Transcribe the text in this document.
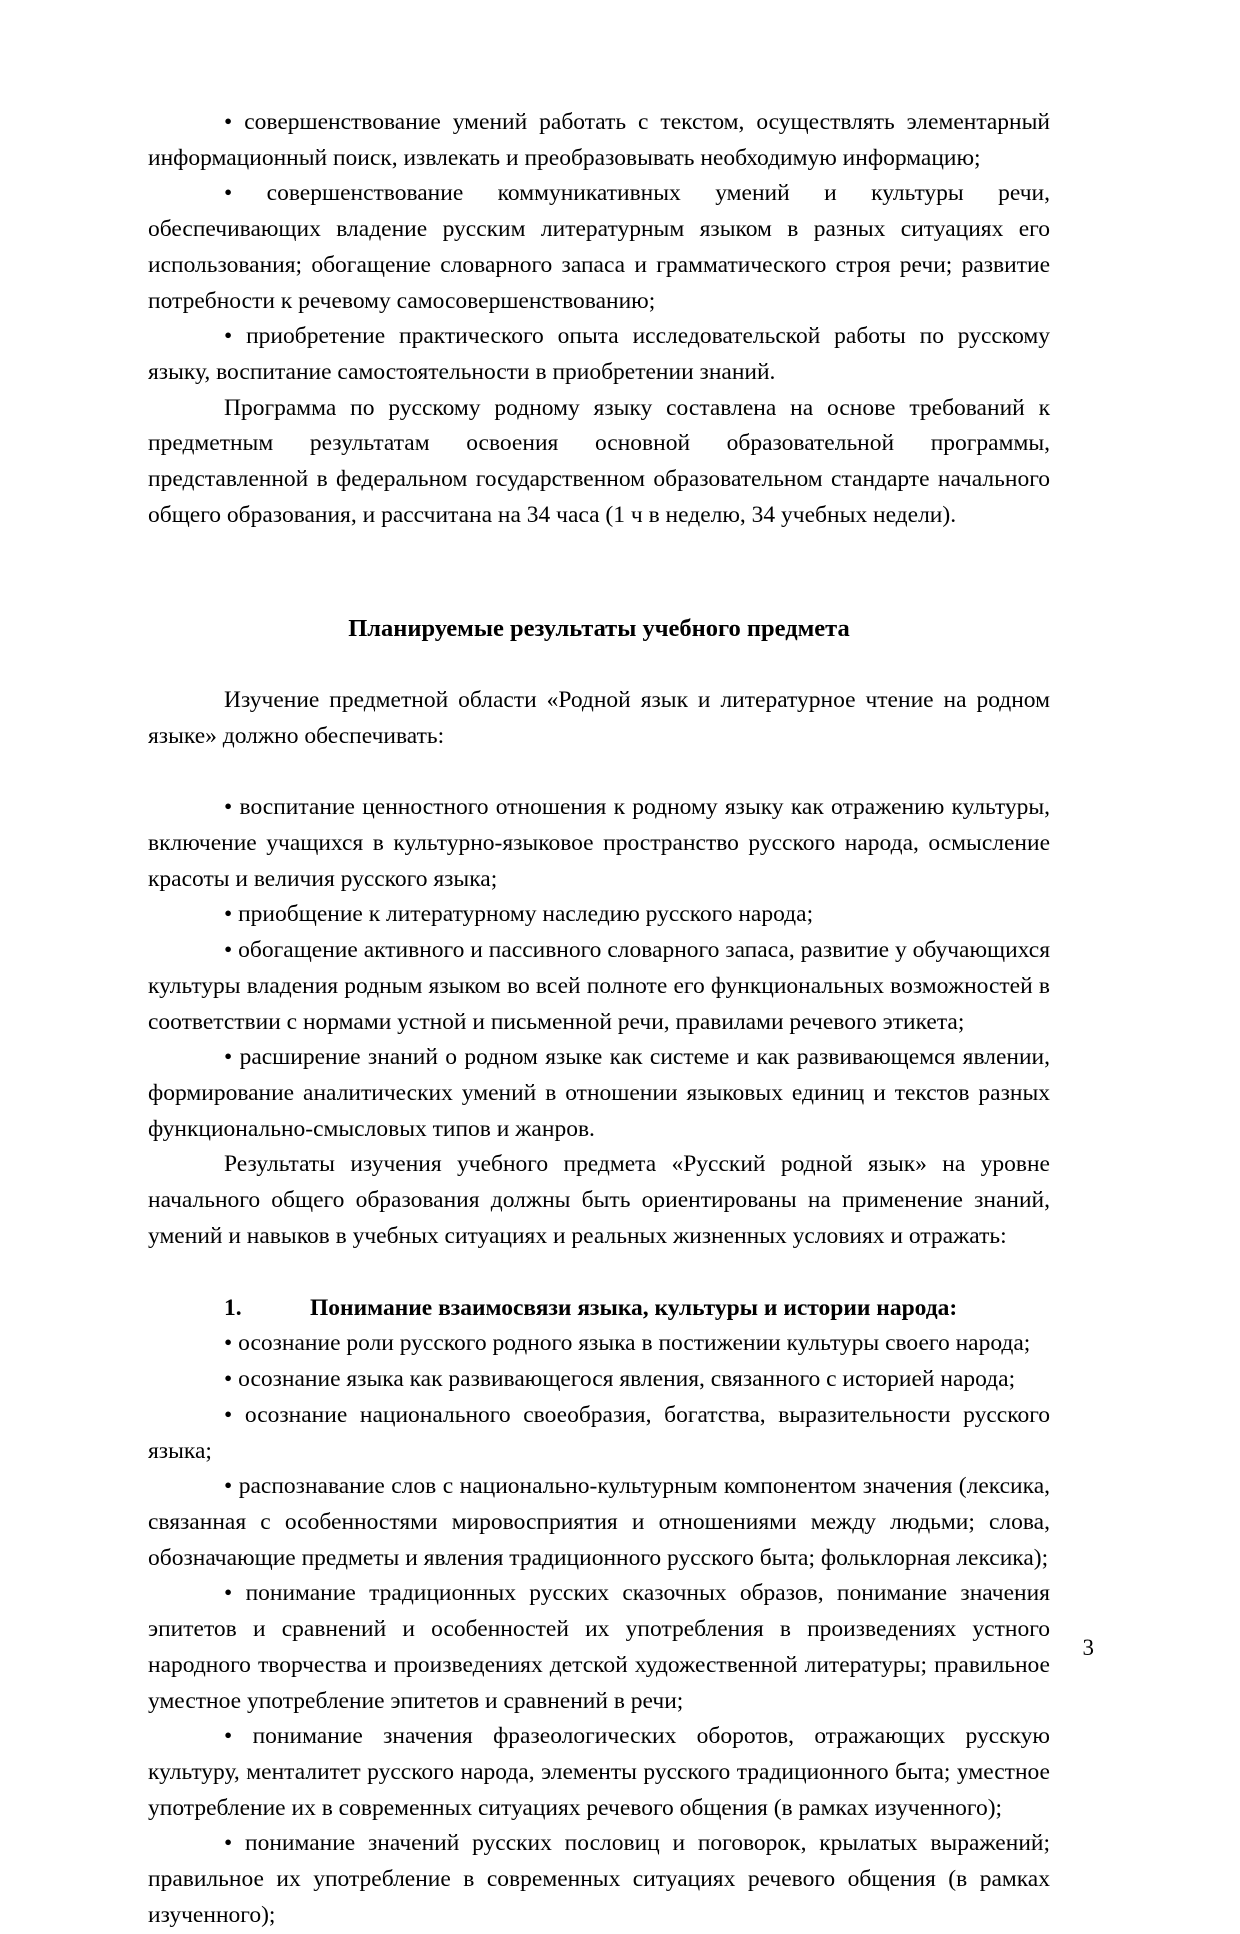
• совершенствование умений работать с текстом, осуществлять элементарный информационный поиск, извлекать и преобразовывать необходимую информацию;

• совершенствование коммуникативных умений и культуры речи, обеспечивающих владение русским литературным языком в разных ситуациях его использования; обогащение словарного запаса и грамматического строя речи; развитие потребности к речевому самосовершенствованию;

• приобретение практического опыта исследовательской работы по русскому языку, воспитание самостоятельности в приобретении знаний.

Программа по русскому родному языку составлена на основе требований к предметным результатам освоения основной образовательной программы, представленной в федеральном государственном образовательном стандарте начального общего образования, и рассчитана на 34 часа (1 ч в неделю, 34 учебных недели).

Планируемые результаты учебного предмета

Изучение предметной области «Родной язык и литературное чтение на родном языке» должно обеспечивать:

• воспитание ценностного отношения к родному языку как отражению культуры, включение учащихся в культурно-языковое пространство русского народа, осмысление красоты и величия русского языка;

• приобщение к литературному наследию русского народа;

• обогащение активного и пассивного словарного запаса, развитие у обучающихся культуры владения родным языком во всей полноте его функциональных возможностей в соответствии с нормами устной и письменной речи, правилами речевого этикета;

• расширение знаний о родном языке как системе и как развивающемся явлении, формирование аналитических умений в отношении языковых единиц и текстов разных функционально-смысловых типов и жанров.

Результаты изучения учебного предмета «Русский родной язык» на уровне начального общего образования должны быть ориентированы на применение знаний, умений и навыков в учебных ситуациях и реальных жизненных условиях и отражать:

1.	Понимание взаимосвязи языка, культуры и истории народа:

• осознание роли русского родного языка в постижении культуры своего народа;

• осознание языка как развивающегося явления, связанного с историей народа;

• осознание национального своеобразия, богатства, выразительности русского языка;

• распознавание слов с национально-культурным компонентом значения (лексика, связанная с особенностями мировосприятия и отношениями между людьми; слова, обозначающие предметы и явления традиционного русского быта; фольклорная лексика);

• понимание традиционных русских сказочных образов, понимание значения эпитетов и сравнений и особенностей их употребления в произведениях устного народного творчества и произведениях детской художественной литературы; правильное уместное употребление эпитетов и сравнений в речи;

• понимание значения фразеологических оборотов, отражающих русскую культуру, менталитет русского народа, элементы русского традиционного быта; уместное употребление их в современных ситуациях речевого общения (в рамках изученного);

• понимание значений русских пословиц и поговорок, крылатых выражений; правильное их употребление в современных ситуациях речевого общения (в рамках изученного);

3
